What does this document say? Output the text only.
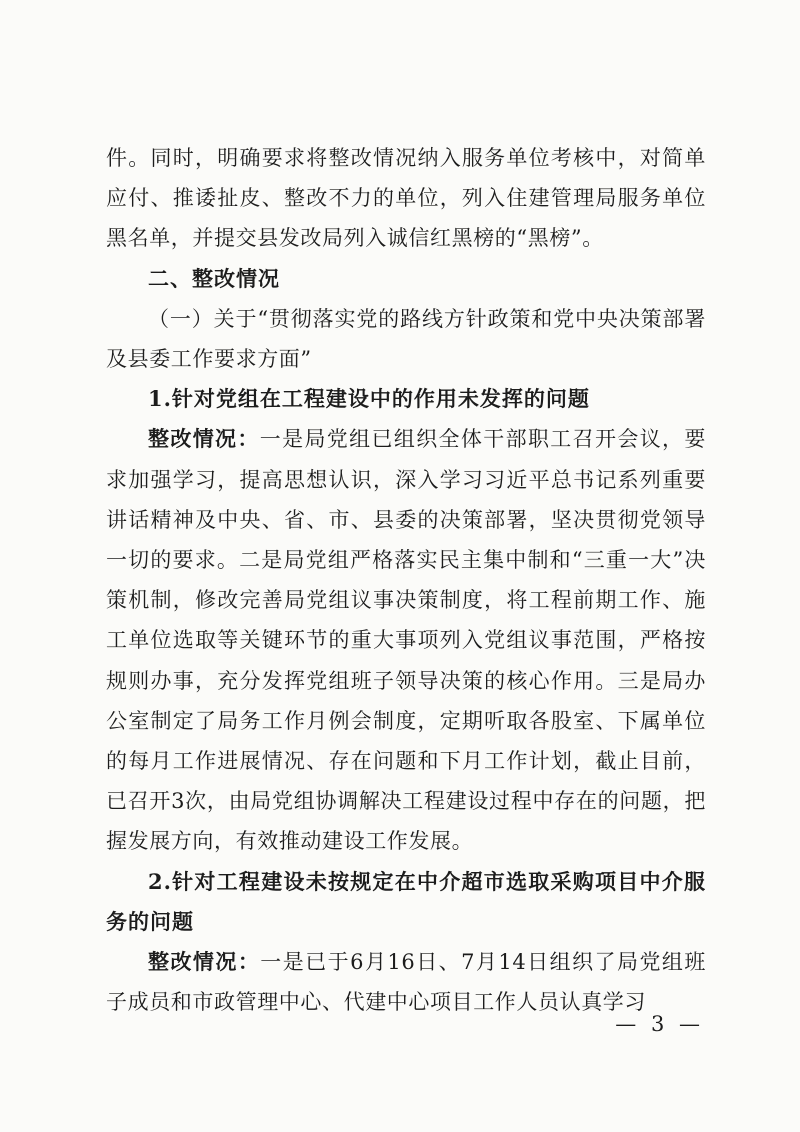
件。同时，明确要求将整改情况纳入服务单位考核中，对简单应付、推诿扯皮、整改不力的单位，列入住建管理局服务单位黑名单，并提交县发改局列入诚信红黑榜的“黑榜”。

二、整改情况

（一）关于“贯彻落实党的路线方针政策和党中央决策部署及县委工作要求方面”

1.针对党组在工程建设中的作用未发挥的问题

整改情况：一是局党组已组织全体干部职工召开会议，要求加强学习，提高思想认识，深入学习习近平总书记系列重要讲话精神及中央、省、市、县委的决策部署，坚决贯彻党领导一切的要求。二是局党组严格落实民主集中制和“三重一大”决策机制，修改完善局党组议事决策制度，将工程前期工作、施工单位选取等关键环节的重大事项列入党组议事范围，严格按规则办事，充分发挥党组班子领导决策的核心作用。三是局办公室制定了局务工作月例会制度，定期听取各股室、下属单位的每月工作进展情况、存在问题和下月工作计划，截止目前，已召开3次，由局党组协调解决工程建设过程中存在的问题，把握发展方向，有效推动建设工作发展。

2.针对工程建设未按规定在中介超市选取采购项目中介服务的问题

整改情况：一是已于6月16日、7月14日组织了局党组班子成员和市政管理中心、代建中心项目工作人员认真学习

— 3 —
